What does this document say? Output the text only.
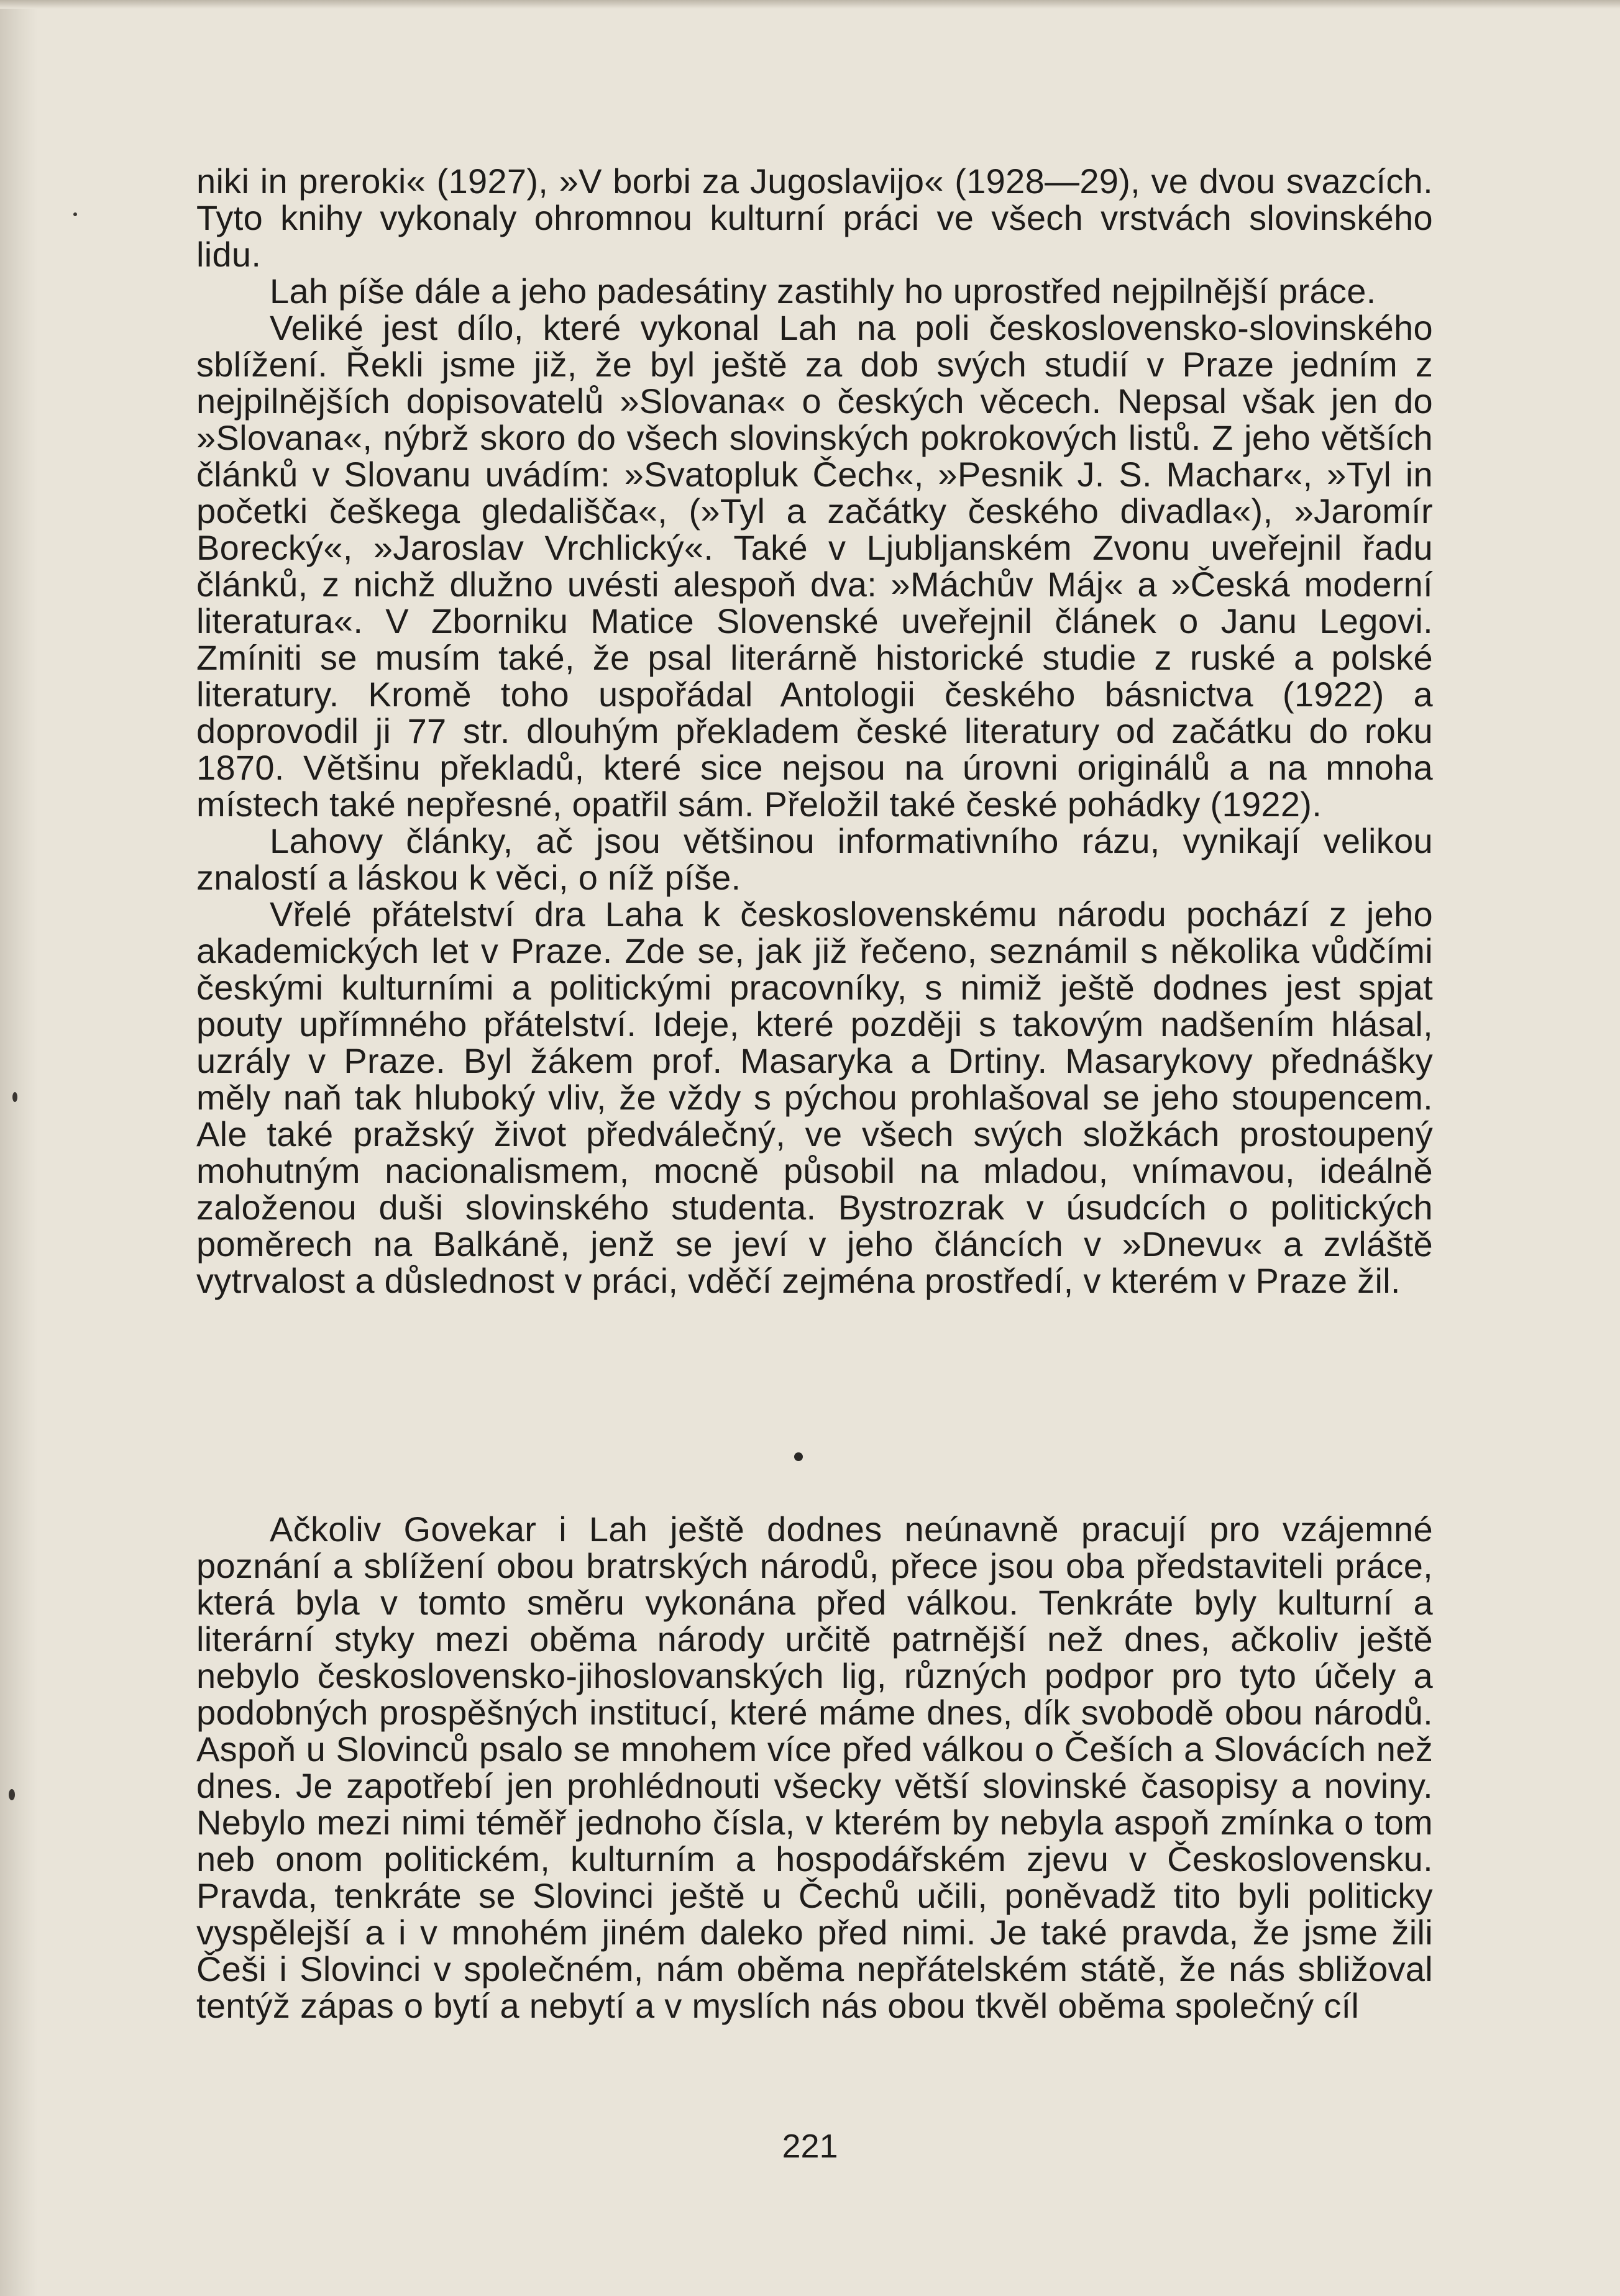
niki in preroki« (1927), »V borbi za Jugoslavijo« (1928—29), ve dvou svazcích. Tyto knihy vykonaly ohromnou kulturní práci ve všech vrstvách slovinského lidu.

Lah píše dále a jeho padesátiny zastihly ho uprostřed nejpilnější práce.

Veliké jest dílo, které vykonal Lah na poli československo-slovinského sblížení. Řekli jsme již, že byl ještě za dob svých studií v Praze jedním z nejpilnějších dopisovatelů »Slovana« o českých věcech. Nepsal však jen do »Slovana«, nýbrž skoro do všech slovinských pokrokových listů. Z jeho větších článků v Slovanu uvádím: »Svatopluk Čech«, »Pesnik J. S. Machar«, »Tyl in početki češkega gledališča«, (»Tyl a začátky českého divadla«), »Jaromír Borecký«, »Jaroslav Vrchlický«. Také v Ljubljanském Zvonu uveřejnil řadu článků, z nichž dlužno uvésti alespoň dva: »Máchův Máj« a »Česká moderní literatura«. V Zborniku Matice Slovenské uveřejnil článek o Janu Legovi. Zmíniti se musím také, že psal literárně historické studie z ruské a polské literatury. Kromě toho uspořádal Antologii českého básnictva (1922) a doprovodil ji 77 str. dlouhým překladem české literatury od začátku do roku 1870. Většinu překladů, které sice nejsou na úrovni originálů a na mnoha místech také nepřesné, opatřil sám. Přeložil také české pohádky (1922).

Lahovy články, ač jsou většinou informativního rázu, vynikají velikou znalostí a láskou k věci, o níž píše.

Vřelé přátelství dra Laha k československému národu pochází z jeho akademických let v Praze. Zde se, jak již řečeno, seznámil s několika vůdčími českými kulturními a politickými pracovníky, s nimiž ještě dodnes jest spjat pouty upřímného přátelství. Ideje, které později s takovým nadšením hlásal, uzrály v Praze. Byl žákem prof. Masaryka a Drtiny. Masarykovy přednášky měly naň tak hluboký vliv, že vždy s pýchou prohlašoval se jeho stoupencem. Ale také pražský život předválečný, ve všech svých složkách prostoupený mohutným nacionalismem, mocně působil na mladou, vnímavou, ideálně založenou duši slovinského studenta. Bystrozrak v úsudcích o politických poměrech na Balkáně, jenž se jeví v jeho článcích v »Dnevu« a zvláště vytrvalost a důslednost v práci, vděčí zejména prostředí, v kterém v Praze žil.

Ačkoliv Govekar i Lah ještě dodnes neúnavně pracují pro vzájemné poznání a sblížení obou bratrských národů, přece jsou oba představiteli práce, která byla v tomto směru vykonána před válkou. Tenkráte byly kulturní a literární styky mezi oběma národy určitě patrnější než dnes, ačkoliv ještě nebylo československo-jihoslovanských lig, různých podpor pro tyto účely a podobných prospěšných institucí, které máme dnes, dík svobodě obou národů. Aspoň u Slovinců psalo se mnohem více před válkou o Češích a Slovácích než dnes. Je zapotřebí jen prohlédnouti všecky větší slovinské časopisy a noviny. Nebylo mezi nimi téměř jednoho čísla, v kterém by nebyla aspoň zmínka o tom neb onom politickém, kulturním a hospodářském zjevu v Československu. Pravda, tenkráte se Slovinci ještě u Čechů učili, poněvadž tito byli politicky vyspělejší a i v mnohém jiném daleko před nimi. Je také pravda, že jsme žili Češi i Slovinci v společném, nám oběma nepřátelském státě, že nás sbližoval tentýž zápas o bytí a nebytí a v myslích nás obou tkvěl oběma společný cíl

221
